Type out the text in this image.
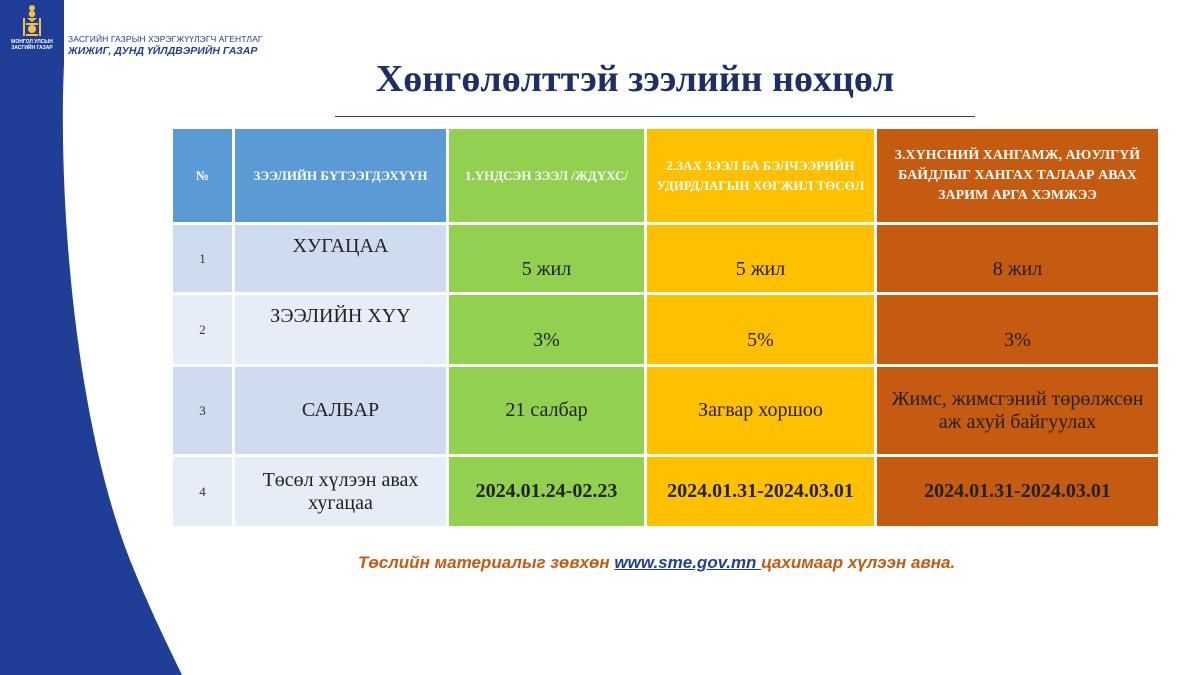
МОНГОЛ УЛСЫН
ЗАСГИЙН ГАЗАР
ЗАСГИЙН ГАЗРЫН ХЭРЭГЖҮҮЛЭГЧ АГЕНТЛАГ
ЖИЖИГ, ДУНД ҮЙЛДВЭРИЙН ГАЗАР
Хөнгөлөлттэй зээлийн нөхцөл
№	ЗЭЭЛИЙН БҮТЭЭГДЭХҮҮН	1.ҮНДСЭН ЗЭЭЛ /ЖДҮХС/	2.ЗАХ ЗЭЭЛ БА БЭЛЧЭЭРИЙН УДИРДЛАГЫН ХӨГЖИЛ ТӨСӨЛ	3.ХҮНСНИЙ ХАНГАМЖ, АЮУЛГҮЙ БАЙДЛЫГ ХАНГАХ ТАЛААР АВАХ ЗАРИМ АРГА ХЭМЖЭЭ
1	ХУГАЦАА	5 жил	5 жил	8 жил
2	ЗЭЭЛИЙН ХҮҮ	3%	5%	3%
3	САЛБАР	21 салбар	Загвар хоршоо	Жимс, жимсгэний төрөлжсөн аж ахуй байгуулах
4	Төсөл хүлээн авах хугацаа	2024.01.24-02.23	2024.01.31-2024.03.01	2024.01.31-2024.03.01
Төслийн материалыг зөвхөн www.sme.gov.mn цахимаар хүлээн авна.
